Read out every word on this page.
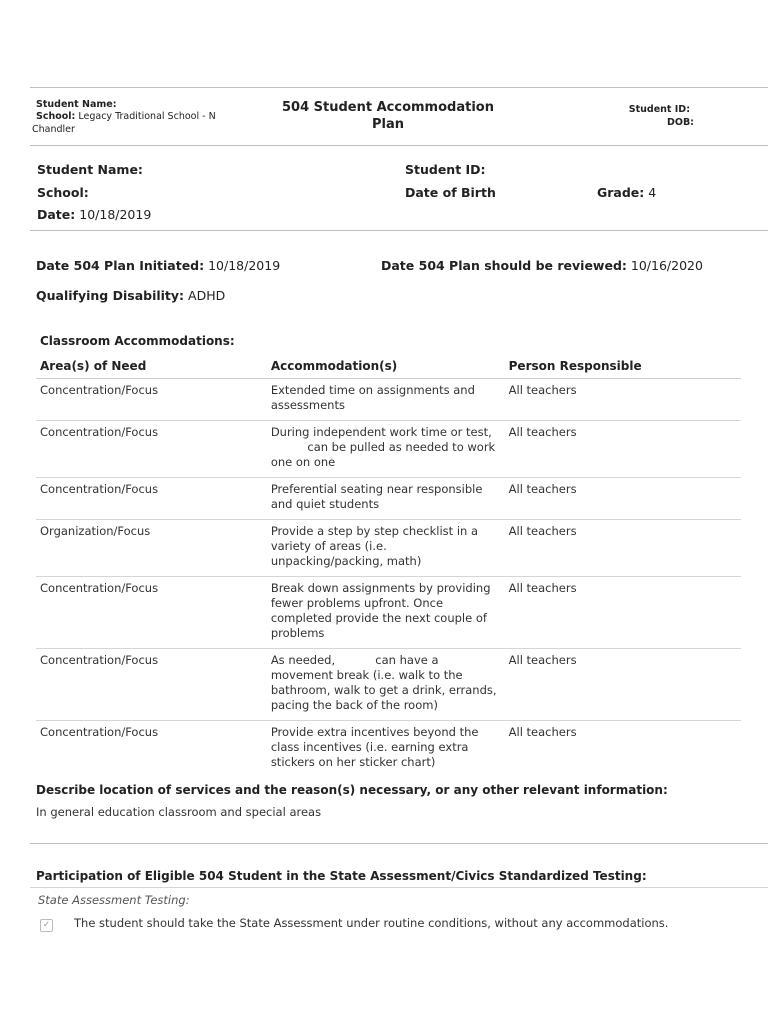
Student Name:
School: Legacy Traditional School - N
Chandler
504 Student Accommodation
Plan
Student ID:
DOB:
Student Name:	Student ID:
School:	Date of Birth	Grade: 4
Date: 10/18/2019
Date 504 Plan Initiated: 10/18/2019	Date 504 Plan should be reviewed: 10/16/2020
Qualifying Disability: ADHD
Classroom Accommodations:
Area(s) of Need	Accommodation(s)	Person Responsible
Concentration/Focus	Extended time on assignments and assessments	All teachers
Concentration/Focus	During independent work time or test,           can be pulled as needed to work one on one	All teachers
Concentration/Focus	Preferential seating near responsible and quiet students	All teachers
Organization/Focus	Provide a step by step checklist in a variety of areas (i.e. unpacking/packing, math)	All teachers
Concentration/Focus	Break down assignments by providing fewer problems upfront. Once completed provide the next couple of problems	All teachers
Concentration/Focus	As needed,           can have a movement break (i.e. walk to the bathroom, walk to get a drink, errands, pacing the back of the room)	All teachers
Concentration/Focus	Provide extra incentives beyond the class incentives (i.e. earning extra stickers on her sticker chart)	All teachers
Describe location of services and the reason(s) necessary, or any other relevant information:
In general education classroom and special areas
Participation of Eligible 504 Student in the State Assessment/Civics Standardized Testing:
State Assessment Testing:
✓ The student should take the State Assessment under routine conditions, without any accommodations.
